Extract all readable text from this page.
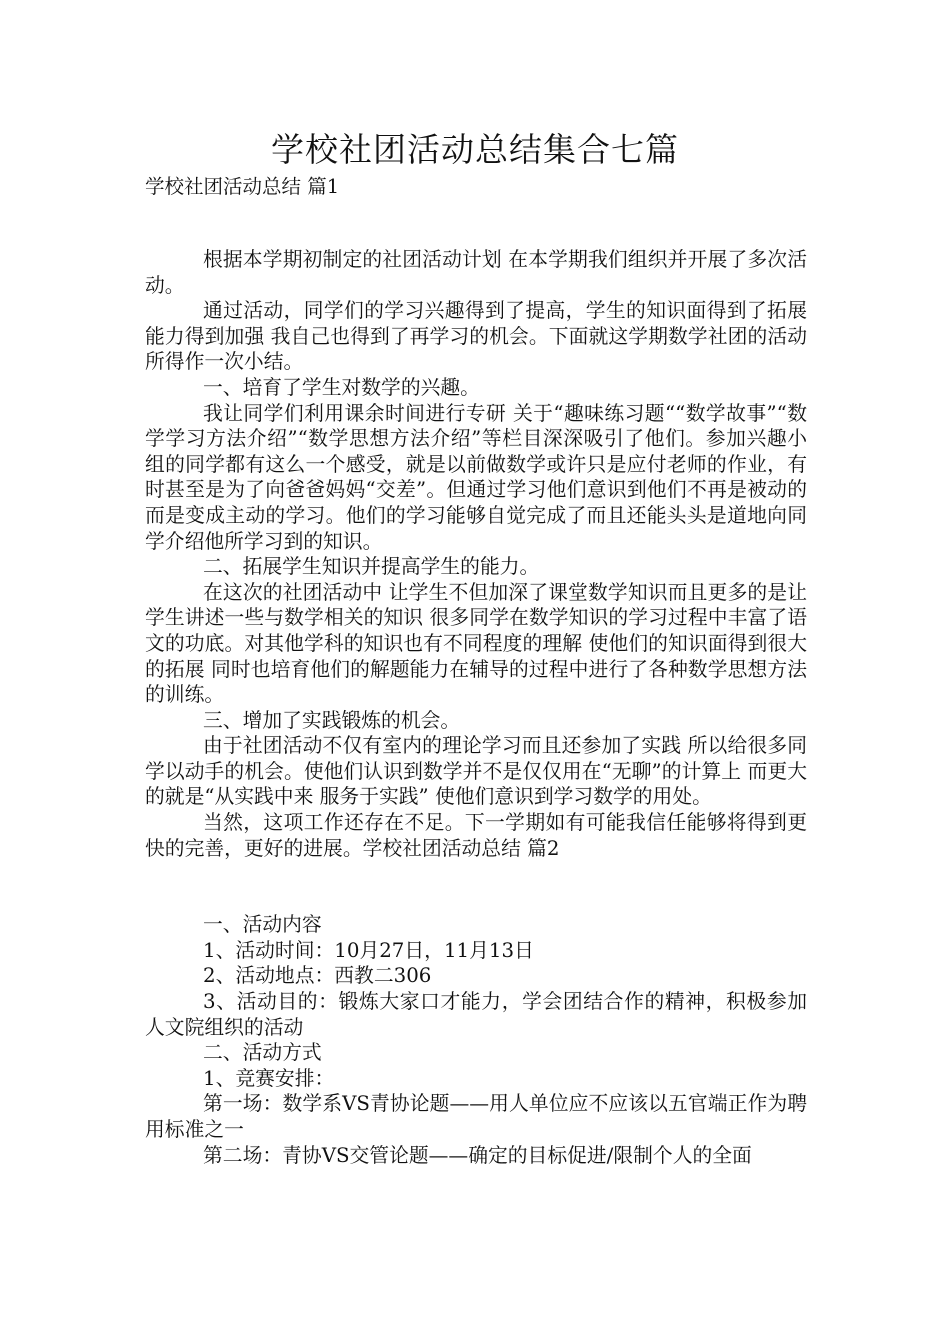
学校社团活动总结集合七篇
学校社团活动总结 篇1

根据本学期初制定的社团活动计划 在本学期我们组织并开展了多次活动。

通过活动，同学们的学习兴趣得到了提高，学生的知识面得到了拓展能力得到加强 我自己也得到了再学习的机会。下面就这学期数学社团的活动所得作一次小结。

一、培育了学生对数学的兴趣。

我让同学们利用课余时间进行专研 关于“趣味练习题““数学故事”“数学学习方法介绍”“数学思想方法介绍”等栏目深深吸引了他们。参加兴趣小组的同学都有这么一个感受，就是以前做数学或许只是应付老师的作业，有时甚至是为了向爸爸妈妈“交差”。但通过学习他们意识到他们不再是被动的而是变成主动的学习。他们的学习能够自觉完成了而且还能头头是道地向同学介绍他所学习到的知识。

二、拓展学生知识并提高学生的能力。

在这次的社团活动中 让学生不但加深了课堂数学知识而且更多的是让学生讲述一些与数学相关的知识 很多同学在数学知识的学习过程中丰富了语文的功底。对其他学科的知识也有不同程度的理解 使他们的知识面得到很大的拓展 同时也培育他们的解题能力在辅导的过程中进行了各种数学思想方法的训练。

三、增加了实践锻炼的机会。

由于社团活动不仅有室内的理论学习而且还参加了实践 所以给很多同学以动手的机会。使他们认识到数学并不是仅仅用在“无聊”的计算上 而更大的就是“从实践中来 服务于实践” 使他们意识到学习数学的用处。

当然，这项工作还存在不足。下一学期如有可能我信任能够将得到更快的完善，更好的进展。学校社团活动总结 篇2

一、活动内容

1、活动时间：10月27日，11月13日

2、活动地点：西教二306

3、活动目的：锻炼大家口才能力，学会团结合作的精神，积极参加人文院组织的活动

二、活动方式

1、竞赛安排：

第一场：数学系VS青协论题——用人单位应不应该以五官端正作为聘用标准之一

第二场：青协VS交管论题——确定的目标促进/限制个人的全面
